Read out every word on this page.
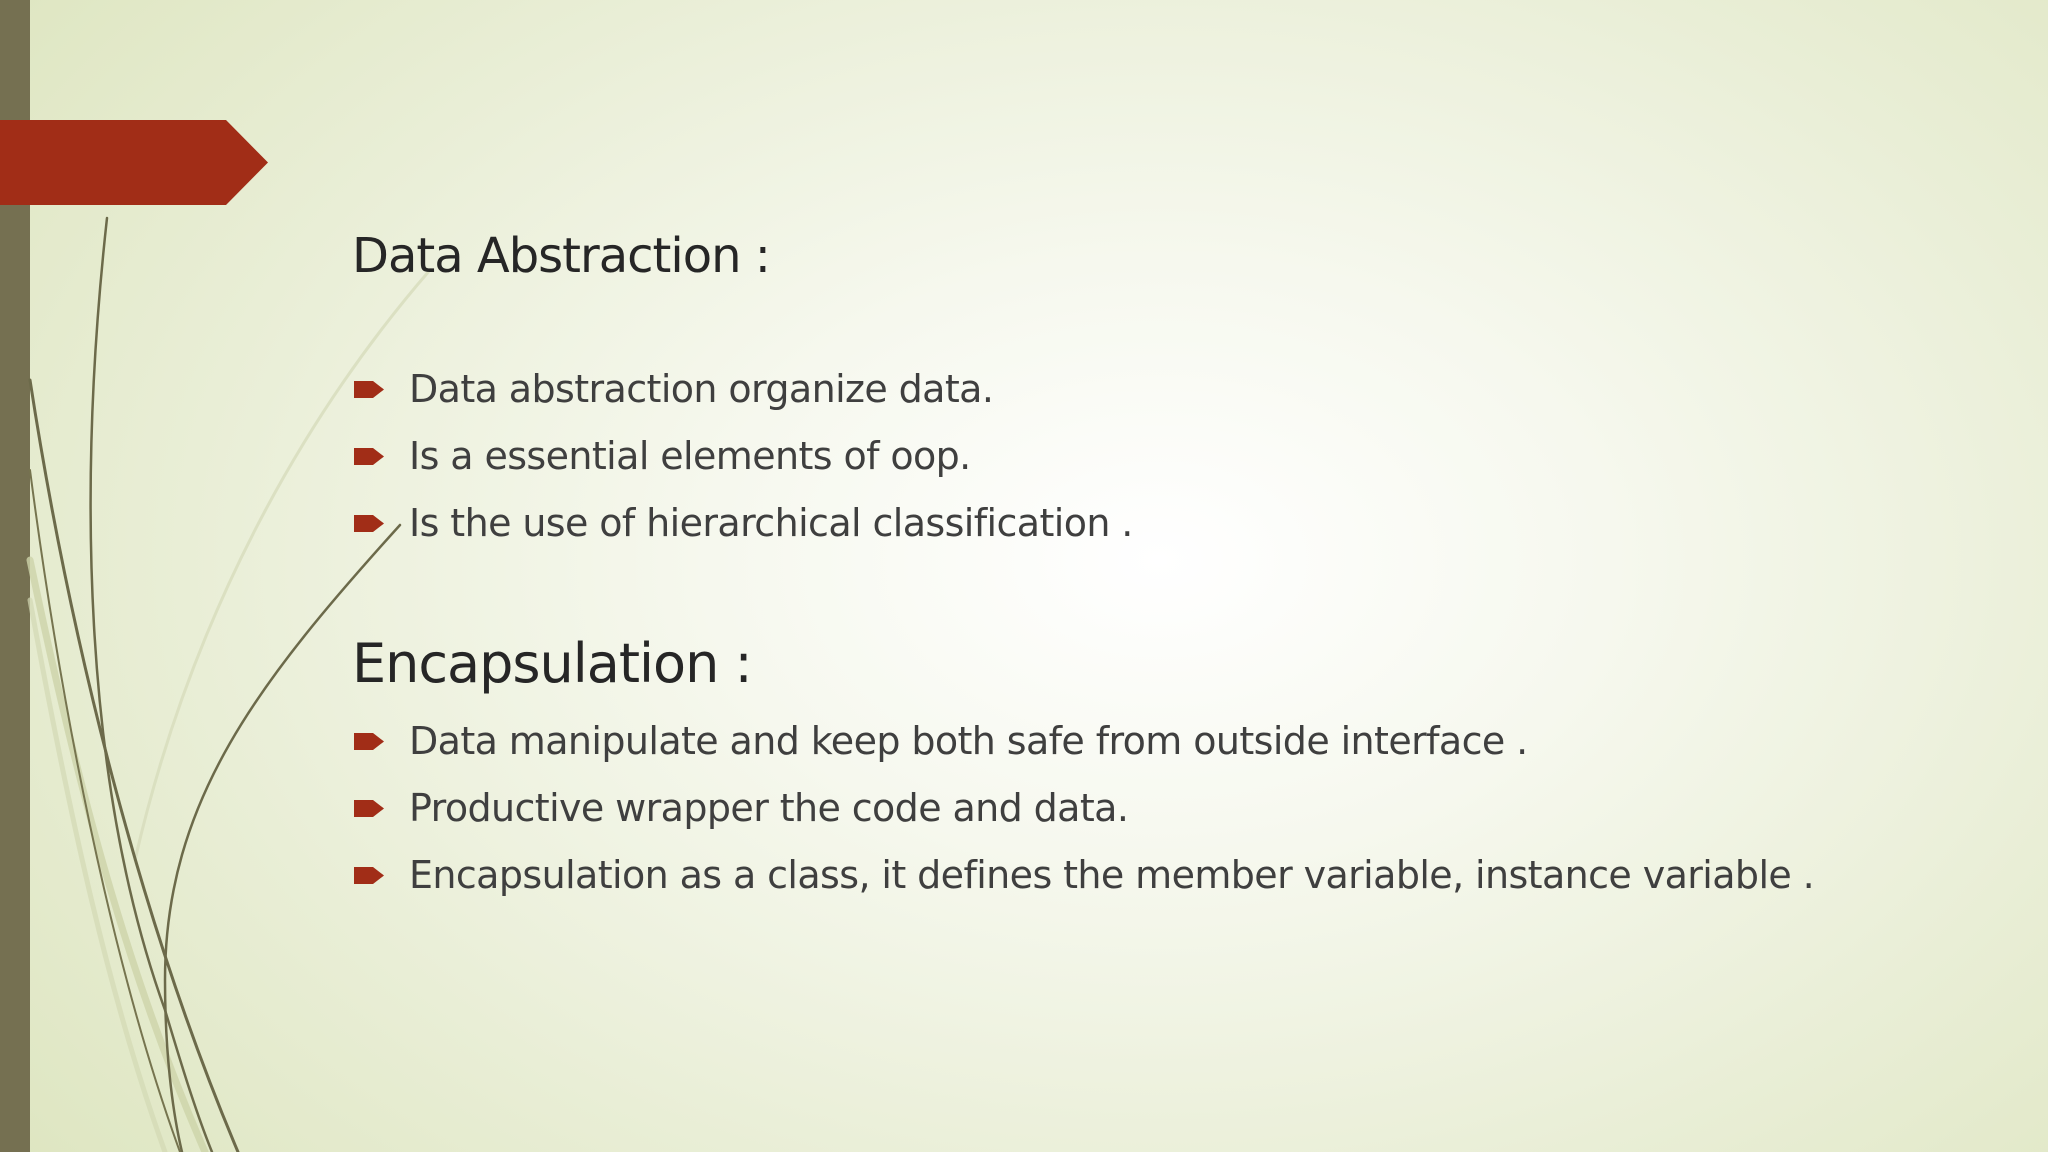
Data Abstraction :
Data abstraction organize data.
Is a essential elements of oop.
Is the use of hierarchical classification .
Encapsulation :
Data manipulate and keep both safe from outside interface .
Productive wrapper the code and data.
Encapsulation as a class, it defines the member variable, instance variable .
